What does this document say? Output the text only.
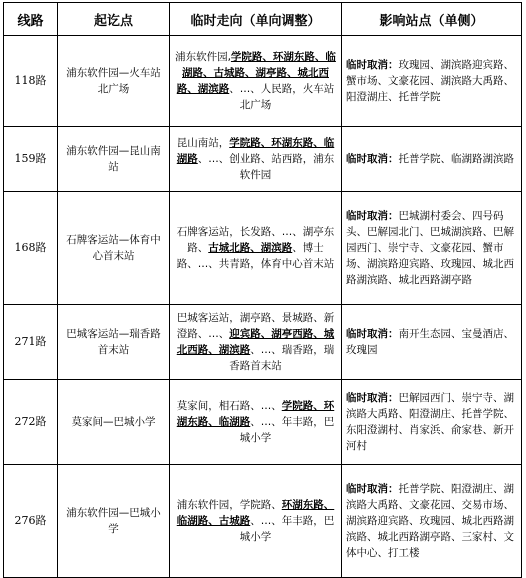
线路	起讫点	临时走向（单向调整）	影响站点（单侧）
118路	浦东软件园—火车站北广场	浦东软件园,学院路、环湖东路、临湖路、古城路、湖亭路、城北西路、湖滨路、…、人民路，火车站北广场	临时取消：玫瑰园、湖滨路迎宾路、蟹市场、文豪花园、湖滨路大禹路、阳澄湖庄、托普学院
159路	浦东软件园—昆山南站	昆山南站，学院路、环湖东路、临湖路、…、创业路、站西路，浦东软件园	临时取消：托普学院、临湖路湖滨路
168路	石牌客运站—体育中心首末站	石牌客运站，长发路、…、湖亭东路、古城北路、湖滨路、博士路、…、共青路，体育中心首末站	临时取消：巴城湖村委会、四号码头、巴解园北门、巴城湖滨路、巴解园西门、崇宁寺、文豪花园、蟹市场、湖滨路迎宾路、玫瑰园、城北西路湖滨路、城北西路湖亭路
271路	巴城客运站—瑞香路首末站	巴城客运站，湖亭路、景城路、新澄路、…、迎宾路、湖亭西路、城北西路、湖滨路、…、瑞香路，瑞香路首末站	临时取消：南开生态园、宝曼酒店、玫瑰园
272路	莫家间—巴城小学	莫家间，相石路、…、学院路、环湖东路、临湖路、…、年丰路，巴城小学	临时取消：巴解园西门、崇宁寺、湖滨路大禹路、阳澄湖庄、托普学院、东阳澄湖村、肖家浜、俞家巷、新开河村
276路	浦东软件园—巴城小学	浦东软件园，学院路、环湖东路、临湖路、古城路、…、年丰路，巴城小学	临时取消：托普学院、阳澄湖庄、湖滨路大禹路、文豪花园、交易市场、湖滨路迎宾路、玫瑰园、城北西路湖滨路、城北西路湖亭路、三家村、文体中心、打工楼
